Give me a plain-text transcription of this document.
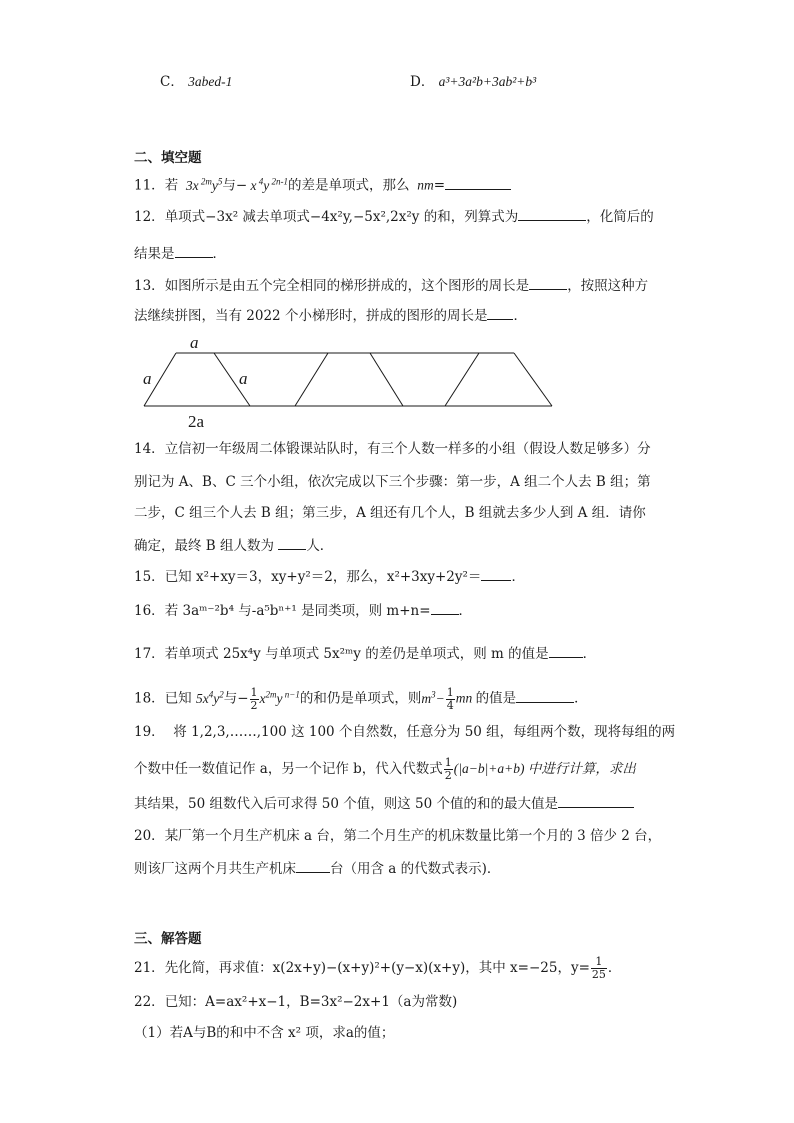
C． 3abed-1	D． a³+3a²b+3ab²+b³
二、填空题
11．若  3x $^{2m}y^5$与− x $^4$y $^{2n-1}$的差是单项式，那么  nm=
12．单项式−3x² 减去单项式−4x²y,−5x²,2x²y 的和，列算式为	，化简后的
结果是	．
13．如图所示是由五个完全相同的梯形拼成的，这个图形的周长是	，按照这种方
法继续拼图，当有 2022 个小梯形时，拼成的图形的周长是 ．
a
a	a
2a
14．立信初一年级周二体锻课站队时，有三个人数一样多的小组（假设人数足够多）分
别记为 A、B、C 三个小组，依次完成以下三个步骤：第一步，A 组二个人去 B 组；第
二步，C 组三个人去 B 组；第三步，A 组还有几个人，B 组就去多少人到 A 组．请你
确定，最终 B 组人数为 人．
15．已知 x²+xy＝3，xy+y²＝2，那么，x²+3xy+2y²＝ ．
16．若 3aᵐ⁻²b⁴ 与-a⁵bⁿ⁺¹ 是同类项，则 m+n= ．
17．若单项式 25x⁴y 与单项式 5x²ᵐy 的差仍是单项式，则 m 的值是	．
18．已知 $5x^4y^2$与− $\frac{1}{2} x^{2m}y$ $^{n-1}$的和仍是单项式，则$m^3- \frac{1}{4}$ mn 的值是	．
19． 将 1,2,3,……,100 这 100 个自然数，任意分为 50 组，每组两个数，现将每组的两
个数中任一数值记作 a，另一个记作 b，代入代数式 $\frac{1}{2} (|a-b|+a+b)$ 中进行计算，求出
其结果，50 组数代入后可求得 50 个值，则这 50 个值的和的最大值是
20．某厂第一个月生产机床 a 台，第二个月生产的机床数量比第一个月的 3 倍少 2 台，
则该厂这两个月共生产机床	台（用含 a 的代数式表示)．
三、解答题
21．先化简，再求值：x(2x+y)−(x+y)²+(y−x)(x+y)，其中 x=−25，$y= \frac{1}{25}$ ．
22．已知：A=ax²+x−1，B=3x²−2x+1（a为常数)
（1）若A与B的和中不含 x² 项，求a的值；
